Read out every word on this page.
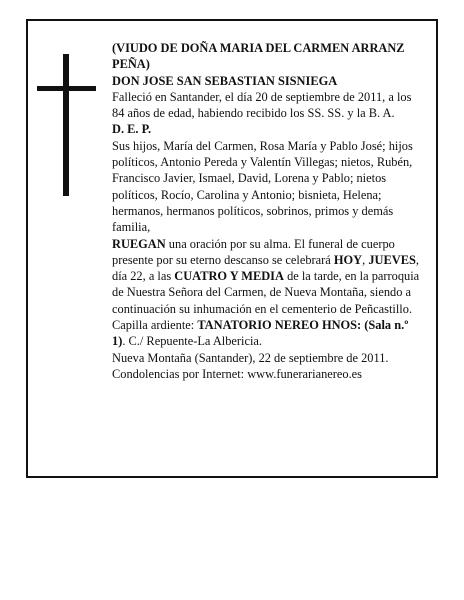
(VIUDO DE DOÑA MARIA DEL CARMEN ARRANZ PEÑA)

DON JOSE SAN SEBASTIAN SISNIEGA

Falleció en Santander, el día 20 de septiembre de 2011, a los 84 años de edad, habiendo recibido los SS. SS. y la B. A.

D. E. P.

Sus hijos, María del Carmen, Rosa María y Pablo José; hijos políticos, Antonio Pereda y Valentín Villegas; nietos, Rubén, Francisco Javier, Ismael, David, Lorena y Pablo; nietos políticos, Rocío, Carolina y Antonio; bisnieta, Helena; hermanos, hermanos políticos, sobrinos, primos y demás familia,

RUEGAN una oración por su alma. El funeral de cuerpo presente por su eterno descanso se celebrará HOY, JUEVES, día 22, a las CUATRO Y MEDIA de la tarde, en la parroquia de Nuestra Señora del Carmen, de Nueva Montaña, siendo a continuación su inhumación en el cementerio de Peñcastillo.

Capilla ardiente: TANATORIO NEREO HNOS: (Sala n.º 1). C./ Repuente-La Albericia.

Nueva Montaña (Santander), 22 de septiembre de 2011.

Condolencias por Internet: www.funerarianereo.es
